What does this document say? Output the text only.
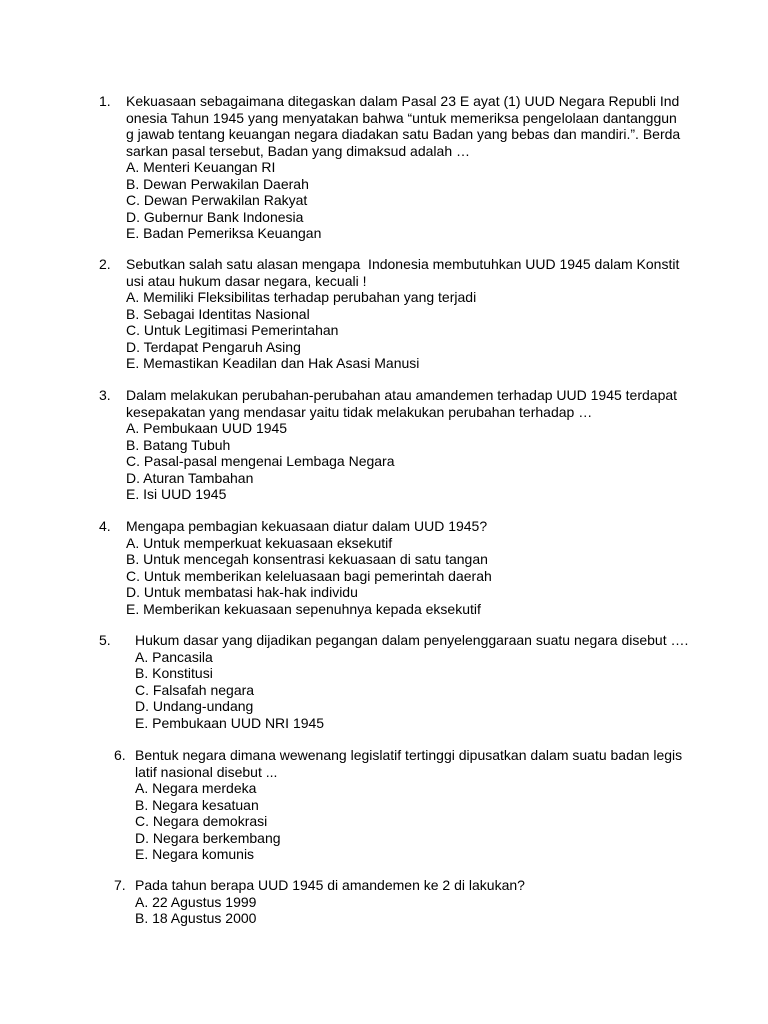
1. Kekuasaan sebagaimana ditegaskan dalam Pasal 23 E ayat (1) UUD Negara Republi Ind
onesia Tahun 1945 yang menyatakan bahwa “untuk memeriksa pengelolaan dantanggun
g jawab tentang keuangan negara diadakan satu Badan yang bebas dan mandiri.”. Berda
sarkan pasal tersebut, Badan yang dimaksud adalah …
A. Menteri Keuangan RI
B. Dewan Perwakilan Daerah
C. Dewan Perwakilan Rakyat
D. Gubernur Bank Indonesia
E. Badan Pemeriksa Keuangan
2. Sebutkan salah satu alasan mengapa  Indonesia membutuhkan UUD 1945 dalam Konstit
usi atau hukum dasar negara, kecuali !
A. Memiliki Fleksibilitas terhadap perubahan yang terjadi
B. Sebagai Identitas Nasional
C. Untuk Legitimasi Pemerintahan
D. Terdapat Pengaruh Asing
E. Memastikan Keadilan dan Hak Asasi Manusi
3. Dalam melakukan perubahan-perubahan atau amandemen terhadap UUD 1945 terdapat
kesepakatan yang mendasar yaitu tidak melakukan perubahan terhadap …
A. Pembukaan UUD 1945
B. Batang Tubuh
C. Pasal-pasal mengenai Lembaga Negara
D. Aturan Tambahan
E. Isi UUD 1945
4. Mengapa pembagian kekuasaan diatur dalam UUD 1945?
A. Untuk memperkuat kekuasaan eksekutif
B. Untuk mencegah konsentrasi kekuasaan di satu tangan
C. Untuk memberikan keleluasaan bagi pemerintah daerah
D. Untuk membatasi hak-hak individu
E. Memberikan kekuasaan sepenuhnya kepada eksekutif
5. Hukum dasar yang dijadikan pegangan dalam penyelenggaraan suatu negara disebut ….
A. Pancasila
B. Konstitusi
C. Falsafah negara
D. Undang-undang
E. Pembukaan UUD NRI 1945
6. Bentuk negara dimana wewenang legislatif tertinggi dipusatkan dalam suatu badan legis
latif nasional disebut ...
A. Negara merdeka
B. Negara kesatuan
C. Negara demokrasi
D. Negara berkembang
E. Negara komunis
7. Pada tahun berapa UUD 1945 di amandemen ke 2 di lakukan?
A. 22 Agustus 1999
B. 18 Agustus 2000
